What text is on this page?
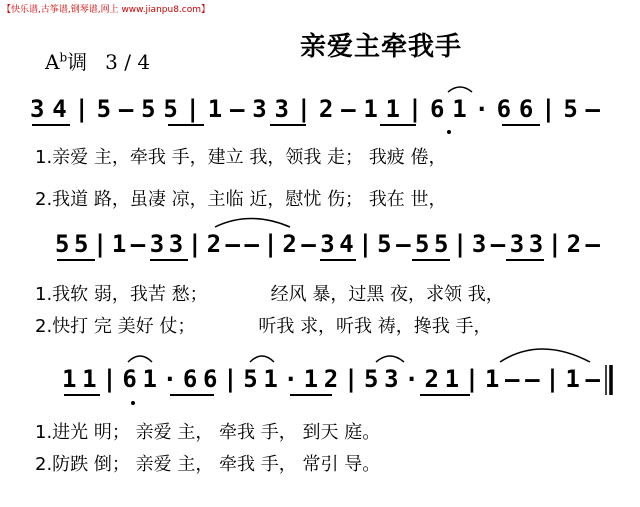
【快乐谱,古筝谱,钢琴谱,网上 www.jianpu8.com】
亲爱主牵我手
$A^b$调 3 / 4
3 4 | 5 – 5 5 | 1 – 3 3 | 2 – 1 1 | 6 1 · 6 6 | 5 –
1.亲爱 主，牵我 手，建立 我，领我 走； 我疲 倦，
2.我道 路，虽凄 凉，主临 近，慰忧 伤； 我在 世，
5 5 | 1 – 3 3 | 2 – – | 2 – 3 4 | 5 – 5 5 | 3 – 3 3 | 2 –
1.我软 弱，我苦 愁；　　　　经风 暴，过黑 夜，求领 我，
2.快打 完 美好 仗；　　　　听我 求，听我 祷，搀我 手，
1 1 | 6 1 · 6 6 | 5 1 · 1 2 | 5 3 · 2 1 | 1 – – | 1 –
1.进光 明； 亲爱 主， 牵我 手， 到天 庭。
2.防跌 倒； 亲爱 主， 牵我 手， 常引 导。
